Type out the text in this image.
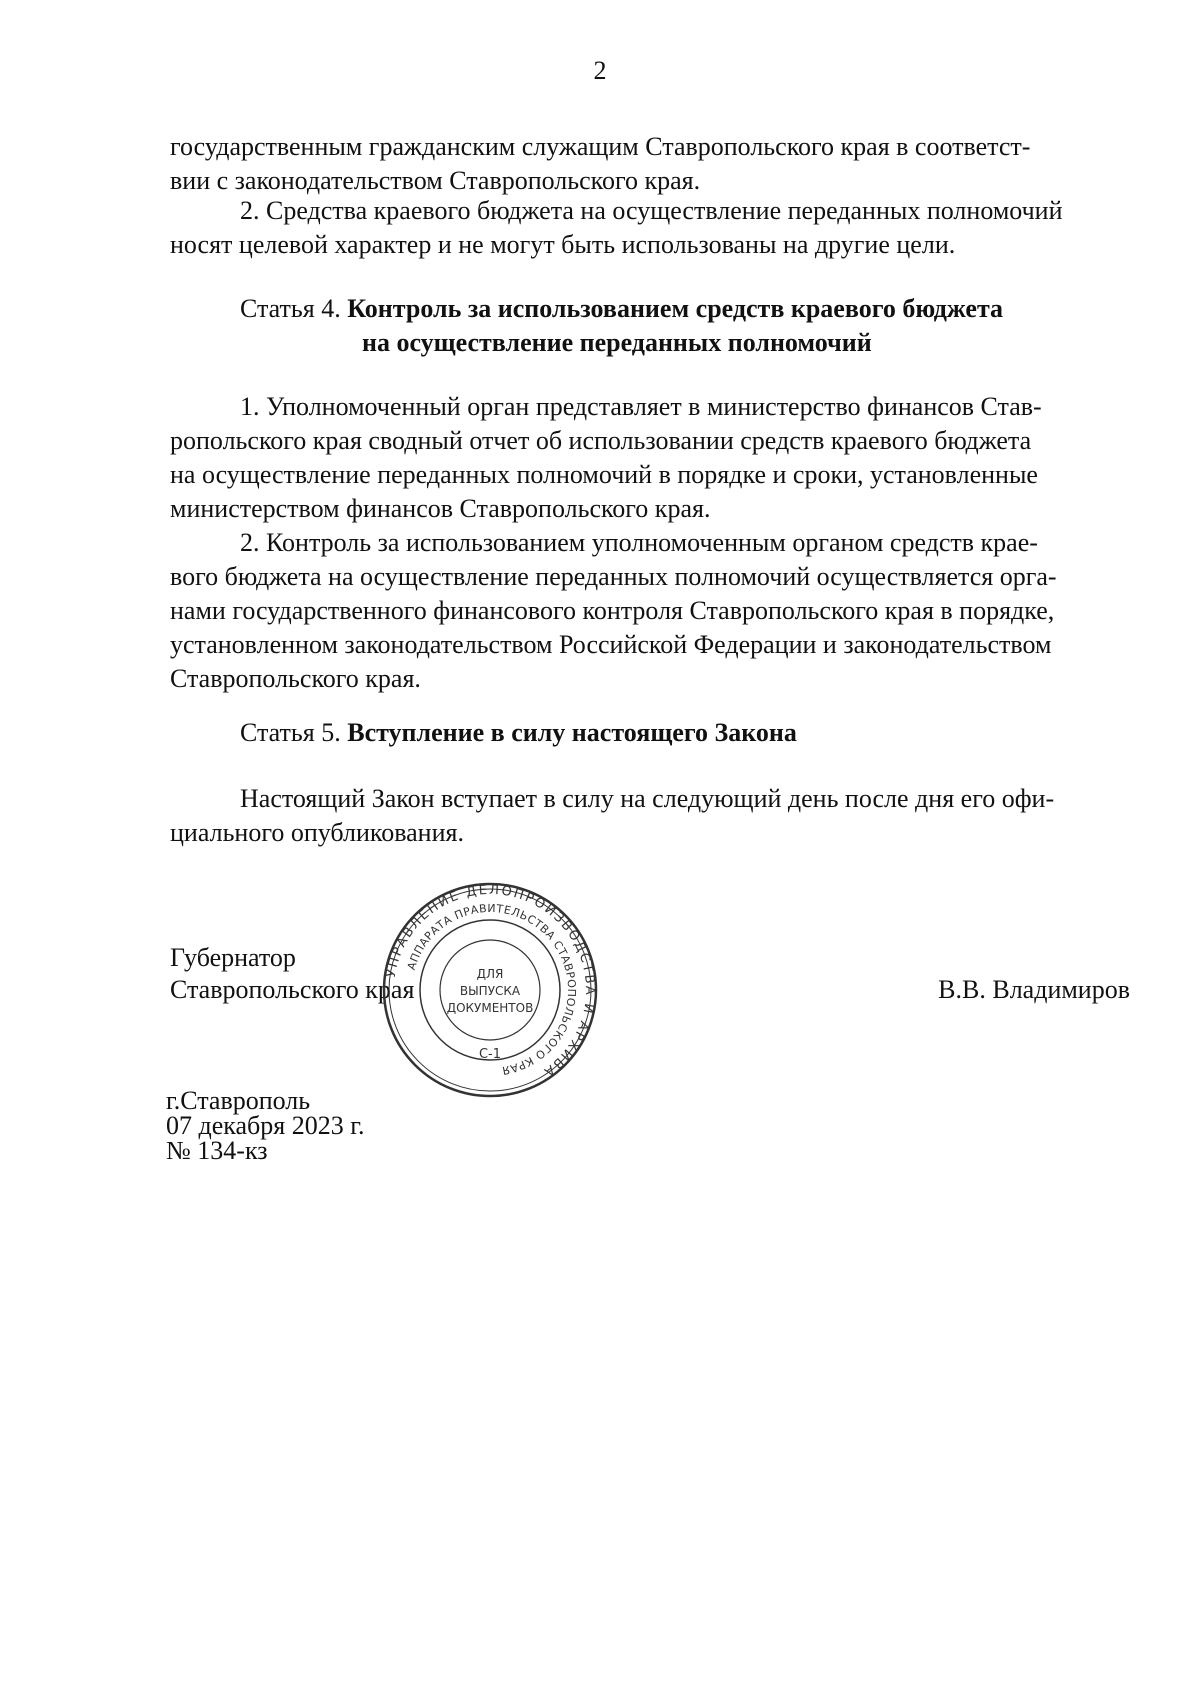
2

государственным гражданским служащим Ставропольского края в соответст-

вии с законодательством Ставропольского края.

2. Средства краевого бюджета на осуществление переданных полномочий

носят целевой характер и не могут быть использованы на другие цели.

Статья 4. Контроль за использованием средств краевого бюджета
на осуществление переданных полномочий

1. Уполномоченный орган представляет в министерство финансов Став-

ропольского края сводный отчет об использовании средств краевого бюджета

на осуществление переданных полномочий в порядке и сроки, установленные

министерством финансов Ставропольского края.

2. Контроль за использованием уполномоченным органом средств крае-

вого бюджета на осуществление переданных полномочий осуществляется орга-

нами государственного финансового контроля Ставропольского края в порядке,

установленном законодательством Российской Федерации и законодательством

Ставропольского края.

Статья 5. Вступление в силу настоящего Закона

Настоящий Закон вступает в силу на следующий день после дня его офи-

циального опубликования.

Губернатор
Ставропольского края	В.В. Владимиров
УПРАВЛЕНИЕ ДЕЛОПРОИЗВОДСТВА И АРХИВА
АППАРАТА ПРАВИТЕЛЬСТВА СТАВРОПОЛЬСКОГО КРАЯ
ДЛЯ
ВЫПУСКА
ДОКУМЕНТОВ
С-1
г.Ставрополь
07 декабря 2023 г.
№ 134-кз
